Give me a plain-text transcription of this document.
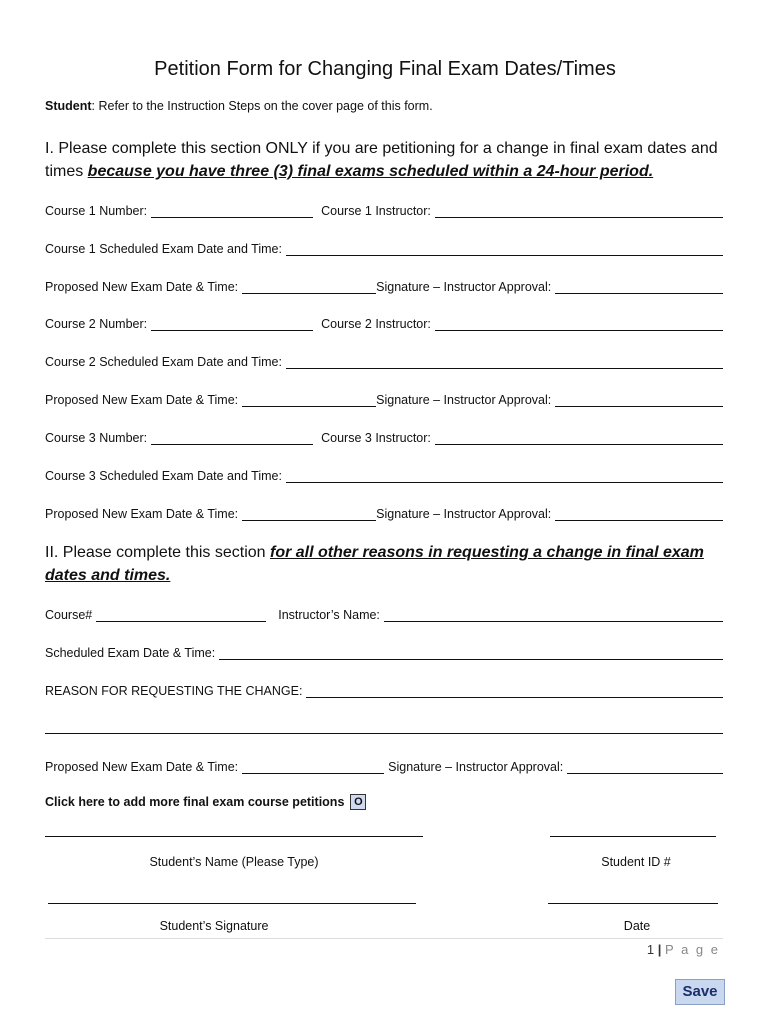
Petition Form for Changing Final Exam Dates/Times
Student: Refer to the Instruction Steps on the cover page of this form.
I. Please complete this section ONLY if you are petitioning for a change in final exam dates and times because you have three (3) final exams scheduled within a 24-hour period.
Course 1 Number:	Course 1 Instructor:
Course 1 Scheduled Exam Date and Time:
Proposed New Exam Date & Time:	Signature – Instructor Approval:
Course 2 Number:	Course 2 Instructor:
Course 2 Scheduled Exam Date and Time:
Proposed New Exam Date & Time:	Signature – Instructor Approval:
Course 3 Number:	Course 3 Instructor:
Course 3 Scheduled Exam Date and Time:
Proposed New Exam Date & Time:	Signature – Instructor Approval:
II. Please complete this section for all other reasons in requesting a change in final exam dates and times.
Course#	Instructor’s Name:
Scheduled Exam Date & Time:
REASON FOR REQUESTING THE CHANGE:
Proposed New Exam Date & Time:	Signature – Instructor Approval:
Click here to add more final exam course petitions O
Student’s Name (Please Type)	Student ID #
Student’s Signature	Date
1 | P a g e
Save
